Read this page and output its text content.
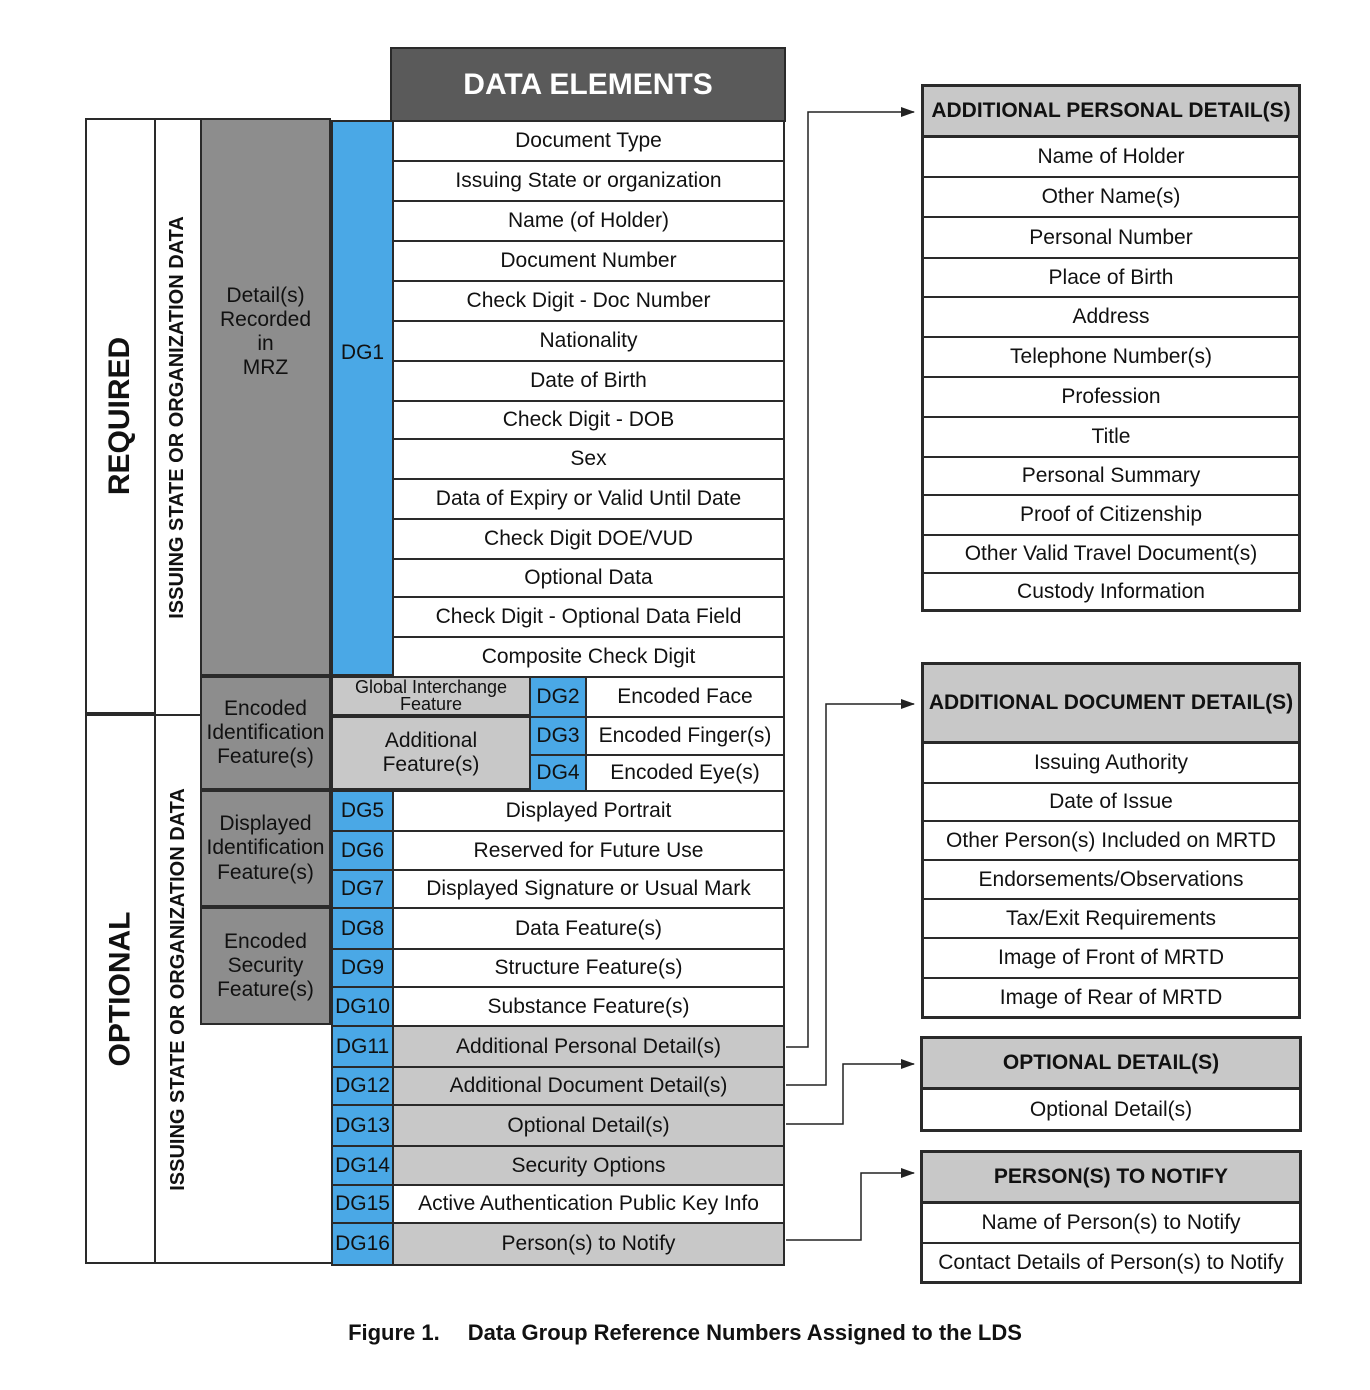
DATA ELEMENTS
REQUIRED
OPTIONAL
ISSUING STATE OR ORGANIZATION DATA
ISSUING STATE OR ORGANIZATION DATA
Detail(s)
Recorded
in
MRZ
Encoded
Identification
Feature(s)
Displayed
Identification
Feature(s)
Encoded
Security
Feature(s)
DG1
Document Type
Issuing State or organization
Name (of Holder)
Document Number
Check Digit - Doc Number
Nationality
Date of Birth
Check Digit - DOB
Sex
Data of Expiry or Valid Until Date
Check Digit DOE/VUD
Optional Data
Check Digit - Optional Data Field
Composite Check Digit
Global Interchange
Feature
Additional
Feature(s)
DG2 Encoded Face
DG3 Encoded Finger(s)
DG4 Encoded Eye(s)
DG5	Displayed Portrait
DG6	Reserved for Future Use
DG7 Displayed Signature or Usual Mark
DG8	Data Feature(s)
DG9	Structure Feature(s)
DG10	Substance Feature(s)
DG11	Additional Personal Detail(s)
DG12	Additional Document Detail(s)
DG13	Optional Detail(s)
DG14	Security Options
DG15 Active Authentication Public Key Info
DG16	Person(s) to Notify
ADDITIONAL PERSONAL DETAIL(S)
Name of Holder
Other Name(s)
Personal Number
Place of Birth
Address
Telephone Number(s)
Profession
Title
Personal Summary
Proof of Citizenship
Other Valid Travel Document(s)
Custody Information
ADDITIONAL DOCUMENT DETAIL(S)
Issuing Authority
Date of Issue
Other Person(s) Included on MRTD
Endorsements/Observations
Tax/Exit Requirements
Image of Front of MRTD
Image of Rear of MRTD
OPTIONAL DETAIL(S)
Optional Detail(s)
PERSON(S) TO NOTIFY
Name of Person(s) to Notify
Contact Details of Person(s) to Notify
Figure 1. Data Group Reference Numbers Assigned to the LDS
